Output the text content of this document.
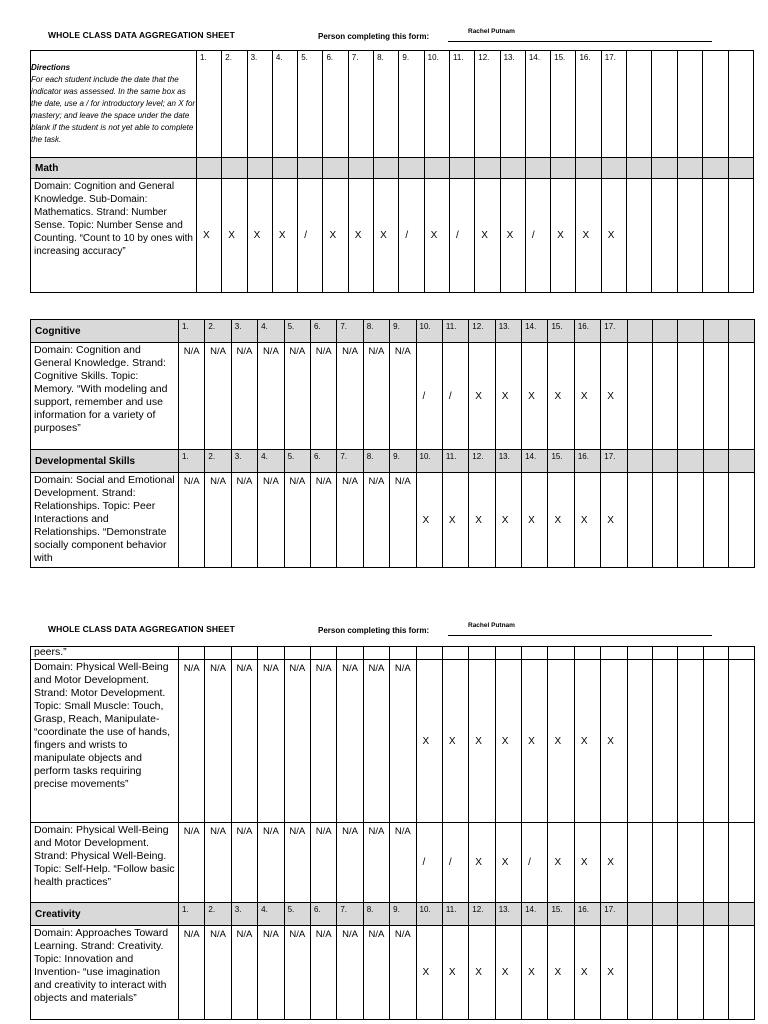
WHOLE CLASS DATA AGGREGATION SHEET	Person completing this form:
Rachel Putnam
Directions
For each student include the date that the indicator was assessed. In the same box as the date, use a / for introductory level; an X for mastery; and leave the space under the date blank if the student is not yet able to complete the task.	1.	2.	3.	4.	5.	6.	7.	8.	9.	10.	11.	12.	13.	14.	15.	16.	17.					
Math																						
Domain: Cognition and General Knowledge. Sub-Domain: Mathematics. Strand: Number Sense. Topic: Number Sense and Counting. “Count to 10 by ones with increasing accuracy”	X	X	X	X	/	X	X	X	/	X	/	X	X	/	X	X	X					
Cognitive	1.	2.	3.	4.	5.	6.	7.	8.	9.	10.	11.	12.	13.	14.	15.	16.	17.					
Domain: Cognition and General Knowledge. Strand: Cognitive Skills. Topic: Memory. “With modeling and support, remember and use information for a variety of purposes”	N/A	N/A	N/A	N/A	N/A	N/A	N/A	N/A	N/A	/	/	X	X	X	X	X	X					
Developmental Skills	1.	2.	3.	4.	5.	6.	7.	8.	9.	10.	11.	12.	13.	14.	15.	16.	17.					
Domain: Social and Emotional Development. Strand: Relationships. Topic: Peer Interactions and Relationships. “Demonstrate socially component behavior with	N/A	N/A	N/A	N/A	N/A	N/A	N/A	N/A	N/A	X	X	X	X	X	X	X	X					
WHOLE CLASS DATA AGGREGATION SHEET	Person completing this form:
Rachel Putnam
peers.”																						
Domain: Physical Well-Being and Motor Development. Strand: Motor Development. Topic: Small Muscle: Touch, Grasp, Reach, Manipulate- “coordinate the use of hands, fingers and wrists to manipulate objects and perform tasks requiring precise movements”	N/A	N/A	N/A	N/A	N/A	N/A	N/A	N/A	N/A	X	X	X	X	X	X	X	X					
Domain: Physical Well-Being and Motor Development. Strand: Physical Well-Being. Topic: Self-Help. “Follow basic health practices”	N/A	N/A	N/A	N/A	N/A	N/A	N/A	N/A	N/A	/	/	X	X	/	X	X	X					
Creativity	1.	2.	3.	4.	5.	6.	7.	8.	9.	10.	11.	12.	13.	14.	15.	16.	17.					
Domain: Approaches Toward Learning. Strand: Creativity. Topic: Innovation and Invention- “use imagination and creativity to interact with objects and materials”	N/A	N/A	N/A	N/A	N/A	N/A	N/A	N/A	N/A	X	X	X	X	X	X	X	X					
